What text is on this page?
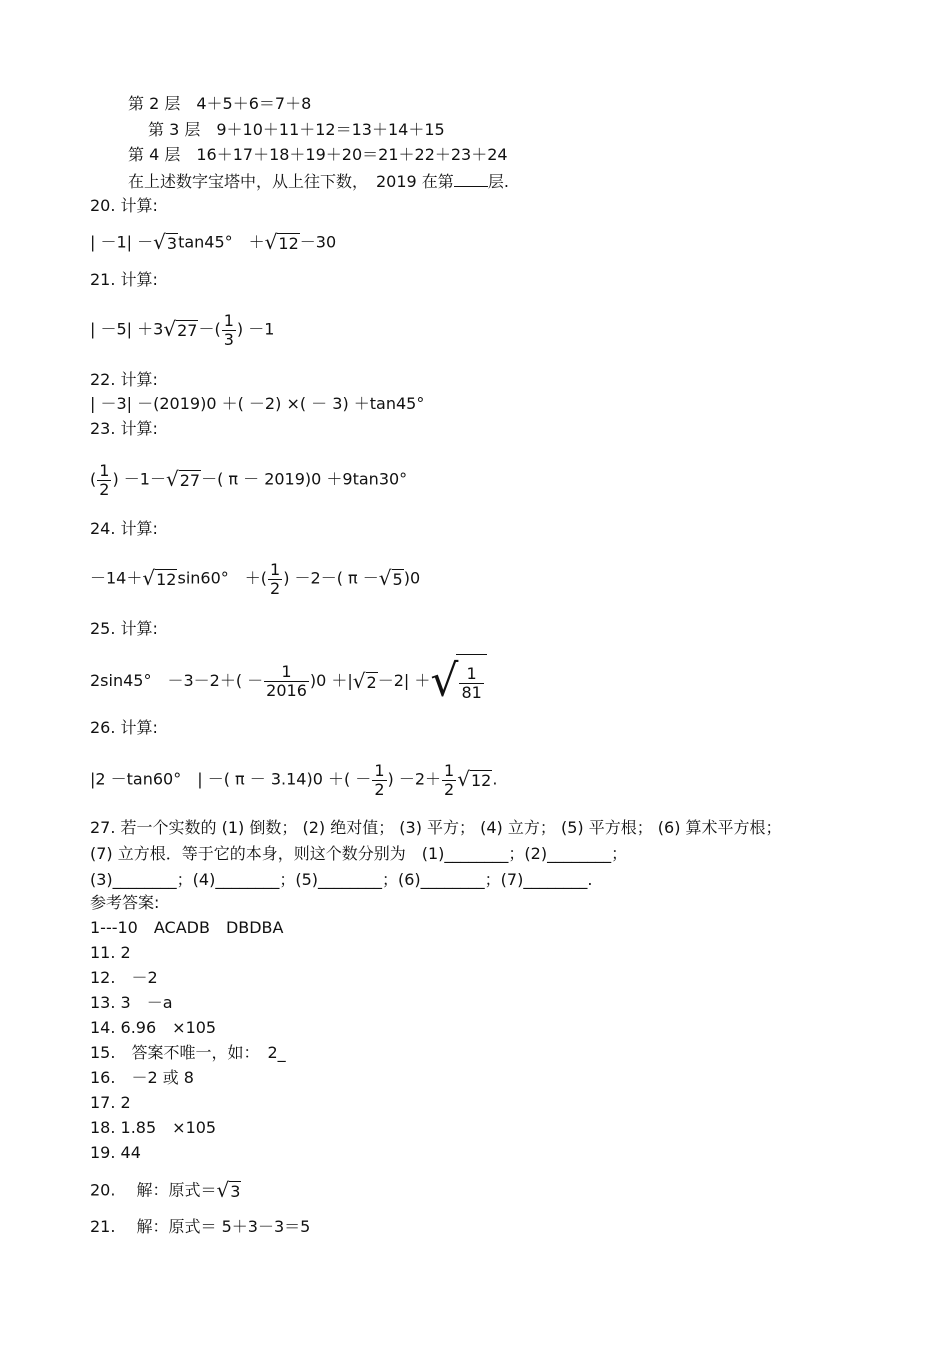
第 2 层　4＋5＋6＝7＋8
第 3 层　9＋10＋11＋12＝13＋14＋15
第 4 层　16＋17＋18＋19＋20＝21＋22＋23＋24
在上述数字宝塔中，从上往下数，　2019 在第 层.
20. 计算:
| －1| －√3tan45°　＋√12－30
21. 计算:
| $-5| +3√27-( \frac{1}{3}$ ) －1
22. 计算:
| －3| －(2019)0 ＋( －2) ×( － 3) ＋tan45°
23. 计算:
( $\frac{1}{2}$ ) －1－√27－( π － 2019)0 ＋9tan30°
24. 计算:
－14＋√12sin60°　＋( $\frac{1}{2}$ ) －2－( π －√5)0
25. 计算:
2sin45°　$-3-2+( - \frac{1}{2016} )0 +|√2-2|$ ＋√ $\frac{1}{81}$
26. 计算:
|2 －tan60°　| －( π － 3.14)0 ＋( － $\frac{1}{2}$ ) $-2+ \frac{1}{2} √12$.
27. 若一个实数的 (1) 倒数； (2) 绝对值； (3) 平方； (4) 立方； (5) 平方根； (6) 算术平方根；
(7) 立方根．等于它的本身，则这个数分别为　(1)________；(2)________；
(3)________；(4)________；(5)________；(6)________；(7)________.
参考答案:
1---10　ACADB　DBDBA
11. 2
12.　－2
13. 3　－a
14. 6.96　×105
15.　答案不唯一，如：　2_
16.　－2 或 8
17. 2
18. 1.85　×105
19. 44
20.　 解：原式＝√3
21.　 解：原式＝ 5＋3－3＝5
